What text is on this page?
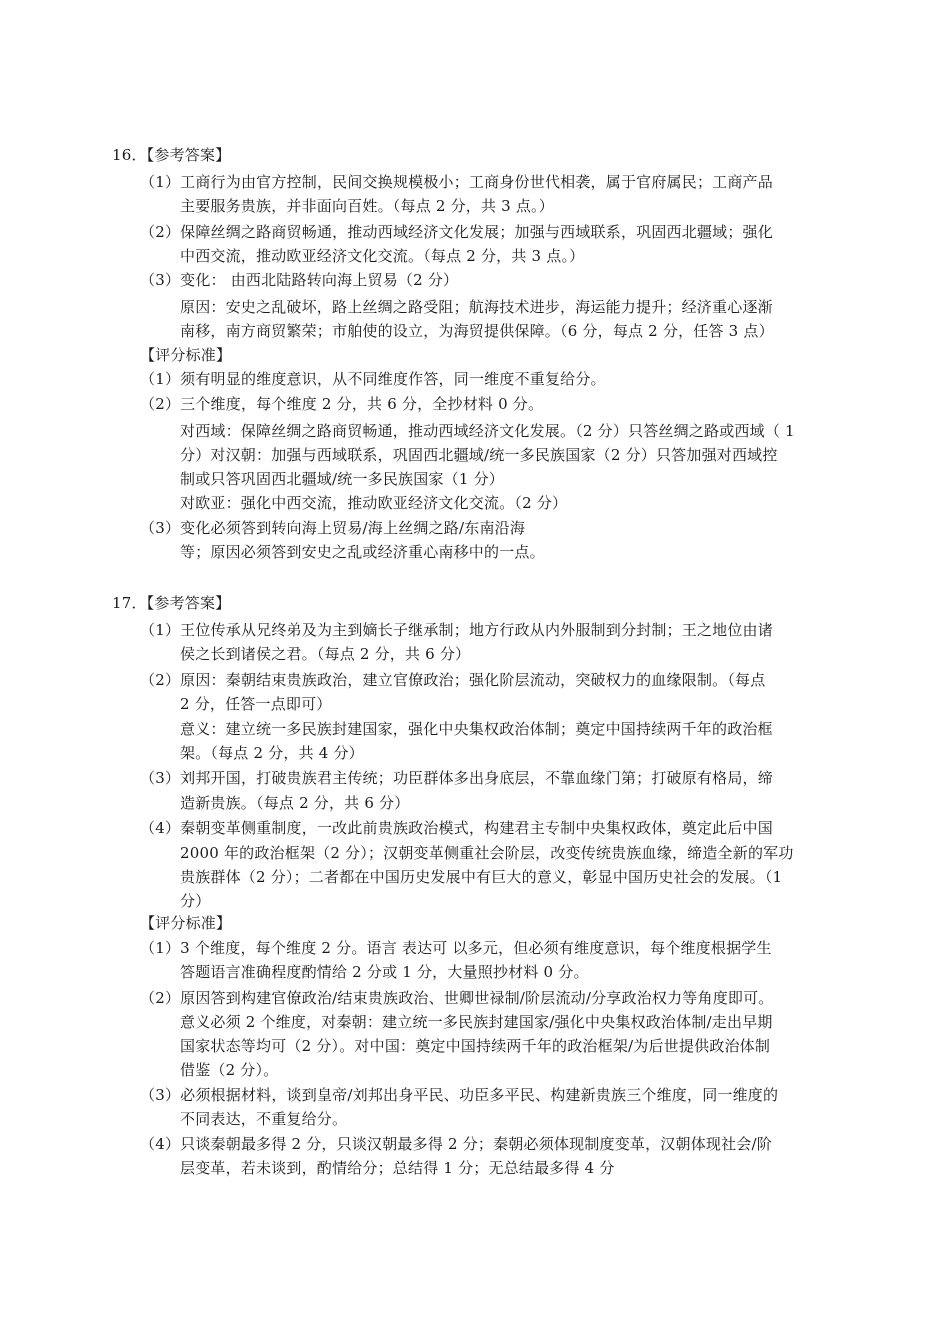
16．【参考答案】
（1）工商行为由官方控制，民间交换规模极小；工商身份世代相袭，属于官府属民；工商产品
主要服务贵族，并非面向百姓。（每点 2 分，共 3 点。）
（2）保障丝绸之路商贸畅通，推动西域经济文化发展；加强与西域联系，巩固西北疆域；强化
中西交流，推动欧亚经济文化交流。（每点 2 分，共 3 点。）
（3）变化： 由西北陆路转向海上贸易（2 分）
原因：安史之乱破坏，路上丝绸之路受阻；航海技术进步，海运能力提升；经济重心逐渐
南移，南方商贸繁荣；市舶使的设立，为海贸提供保障。（6 分，每点 2 分，任答 3 点）
【评分标准】
（1）须有明显的维度意识，从不同维度作答，同一维度不重复给分。
（2）三个维度，每个维度 2 分，共 6 分，全抄材料 0 分。
对西域：保障丝绸之路商贸畅通，推动西域经济文化发展。（2 分）只答丝绸之路或西域（ 1
分）对汉朝：加强与西域联系，巩固西北疆域/统一多民族国家（2 分）只答加强对西域控
制或只答巩固西北疆域/统一多民族国家（1 分）
对欧亚：强化中西交流，推动欧亚经济文化交流。（2 分）
（3）变化必须答到转向海上贸易/海上丝绸之路/东南沿海
等；原因必须答到安史之乱或经济重心南移中的一点。
17．【参考答案】
（1）王位传承从兄终弟及为主到嫡长子继承制；地方行政从内外服制到分封制；王之地位由诸
侯之长到诸侯之君。（每点 2 分，共 6 分）
（2）原因：秦朝结束贵族政治，建立官僚政治；强化阶层流动，突破权力的血缘限制。（每点
2 分，任答一点即可）
意义：建立统一多民族封建国家，强化中央集权政治体制；奠定中国持续两千年的政治框
架。（每点 2 分，共 4 分）
（3）刘邦开国，打破贵族君主传统；功臣群体多出身底层，不靠血缘门第；打破原有格局，缔
造新贵族。（每点 2 分，共 6 分）
（4）秦朝变革侧重制度，一改此前贵族政治模式，构建君主专制中央集权政体，奠定此后中国
2000 年的政治框架（2 分）；汉朝变革侧重社会阶层，改变传统贵族血缘，缔造全新的军功
贵族群体（2 分）；二者都在中国历史发展中有巨大的意义，彰显中国历史社会的发展。（1
分）
【评分标准】
（1）3 个维度，每个维度 2 分。语言 表达可 以多元，但必须有维度意识，每个维度根据学生
答题语言准确程度酌情给 2 分或 1 分，大量照抄材料 0 分。
（2）原因答到构建官僚政治/结束贵族政治、世卿世禄制/阶层流动/分享政治权力等角度即可。
意义必须 2 个维度，对秦朝：建立统一多民族封建国家/强化中央集权政治体制/走出早期
国家状态等均可（2 分）。对中国：奠定中国持续两千年的政治框架/为后世提供政治体制
借鉴（2 分）。
（3）必须根据材料，谈到皇帝/刘邦出身平民、功臣多平民、构建新贵族三个维度，同一维度的
不同表达，不重复给分。
（4）只谈秦朝最多得 2 分，只谈汉朝最多得 2 分；秦朝必须体现制度变革，汉朝体现社会/阶
层变革，若未谈到，酌情给分；总结得 1 分；无总结最多得 4 分
